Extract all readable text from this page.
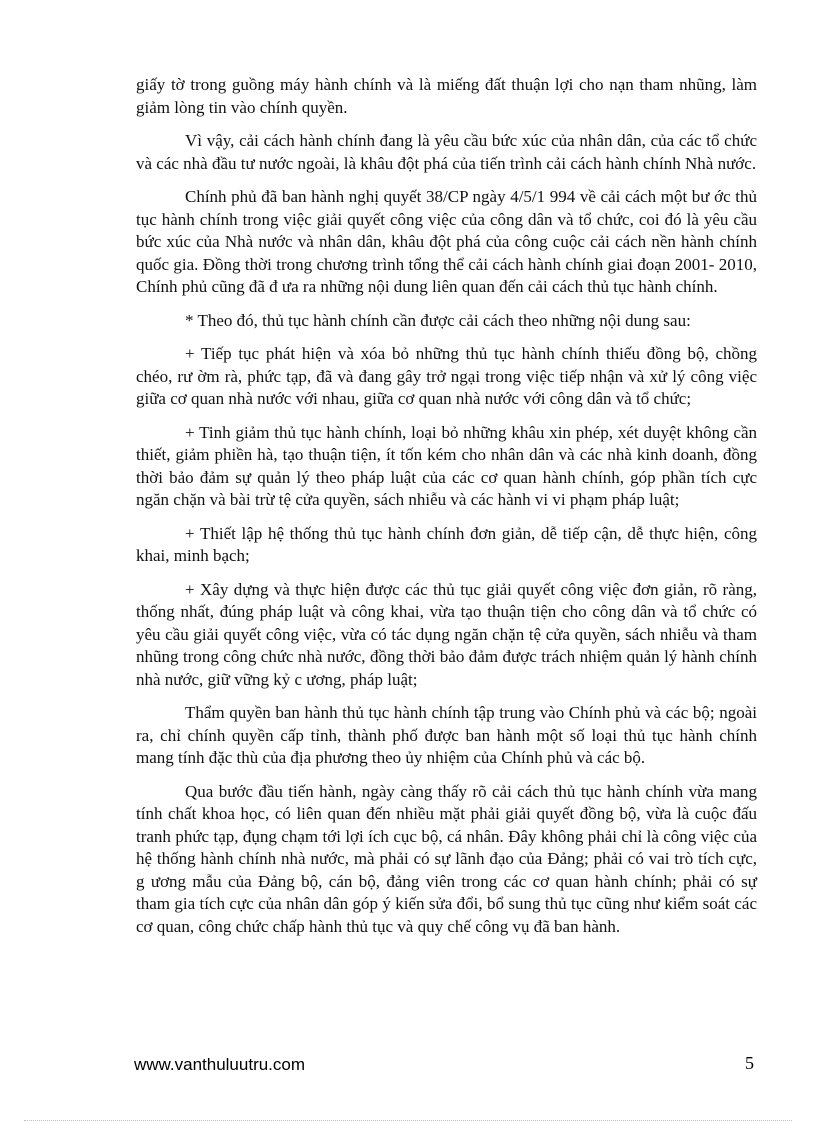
giấy tờ trong guồng máy hành chính và là miếng đất thuận lợi cho nạn tham nhũng, làm giảm lòng tin vào chính quyền.

Vì vậy, cải cách hành chính đang là yêu cầu bức xúc của nhân dân, của các tổ chức và các nhà đầu tư nước ngoài, là khâu đột phá của tiến trình cải cách hành chính Nhà nước.

Chính phủ đã ban hành nghị quyết 38/CP ngày 4/5/1 994 về cải cách một bư ớc thủ tục hành chính trong việc giải quyết công việc của công dân và tổ chức, coi đó là yêu cầu bức xúc của Nhà nước và nhân dân, khâu đột phá của công cuộc cải cách nền hành chính quốc gia. Đồng thời trong chương trình tổng thể cải cách hành chính giai đoạn 2001- 2010, Chính phủ cũng đã đ ưa ra những nội dung liên quan đến cải cách thủ tục hành chính.

* Theo đó, thủ tục hành chính cần được cải cách theo những nội dung sau:

+ Tiếp tục phát hiện và xóa bỏ những thủ tục hành chính thiếu đồng bộ, chồng chéo, rư ờm rà, phức tạp, đã và đang gây trở ngại trong việc tiếp nhận và xử lý công việc giữa cơ quan nhà nước với nhau, giữa cơ quan nhà nước với công dân và tổ chức;

+ Tinh giảm thủ tục hành chính, loại bỏ những khâu xin phép, xét duyệt không cần thiết, giảm phiền hà, tạo thuận tiện, ít tốn kém cho nhân dân và các nhà kinh doanh, đồng thời bảo đảm sự quản lý theo pháp luật của các cơ quan hành chính, góp phần tích cực ngăn chặn và bài trừ tệ cửa quyền, sách nhiễu và các hành vi vi phạm pháp luật;

+ Thiết lập hệ thống thủ tục hành chính đơn giản, dễ tiếp cận, dễ thực hiện, công khai, minh bạch;

+ Xây dựng và thực hiện được các thủ tục giải quyết công việc đơn giản, rõ ràng, thống nhất, đúng pháp luật và công khai, vừa tạo thuận tiện cho công dân và tổ chức có yêu cầu giải quyết công việc, vừa có tác dụng ngăn chặn tệ cửa quyền, sách nhiễu và tham nhũng trong công chức nhà nước, đồng thời bảo đảm được trách nhiệm quản lý hành chính nhà nước, giữ vững kỷ c ương, pháp luật;

Thẩm quyền ban hành thủ tục hành chính tập trung vào Chính phủ và các bộ; ngoài ra, chỉ chính quyền cấp tỉnh, thành phố được ban hành một số loại thủ tục hành chính mang tính đặc thù của địa phương theo ủy nhiệm của Chính phủ và các bộ.

Qua bước đầu tiến hành, ngày càng thấy rõ cải cách thủ tục hành chính vừa mang tính chất khoa học, có liên quan đến nhiều mặt phải giải quyết đồng bộ, vừa là cuộc đấu tranh phức tạp, đụng chạm tới lợi ích cục bộ, cá nhân. Đây không phải chỉ là công việc của hệ thống hành chính nhà nước, mà phải có sự lãnh đạo của Đảng; phải có vai trò tích cực, g ương mẫu của Đảng bộ, cán bộ, đảng viên trong các cơ quan hành chính; phải có sự tham gia tích cực của nhân dân góp ý kiến sửa đổi, bổ sung thủ tục cũng như kiểm soát các cơ quan, công chức chấp hành thủ tục và quy chế công vụ đã ban hành.

www.vanthuluutru.com	5
